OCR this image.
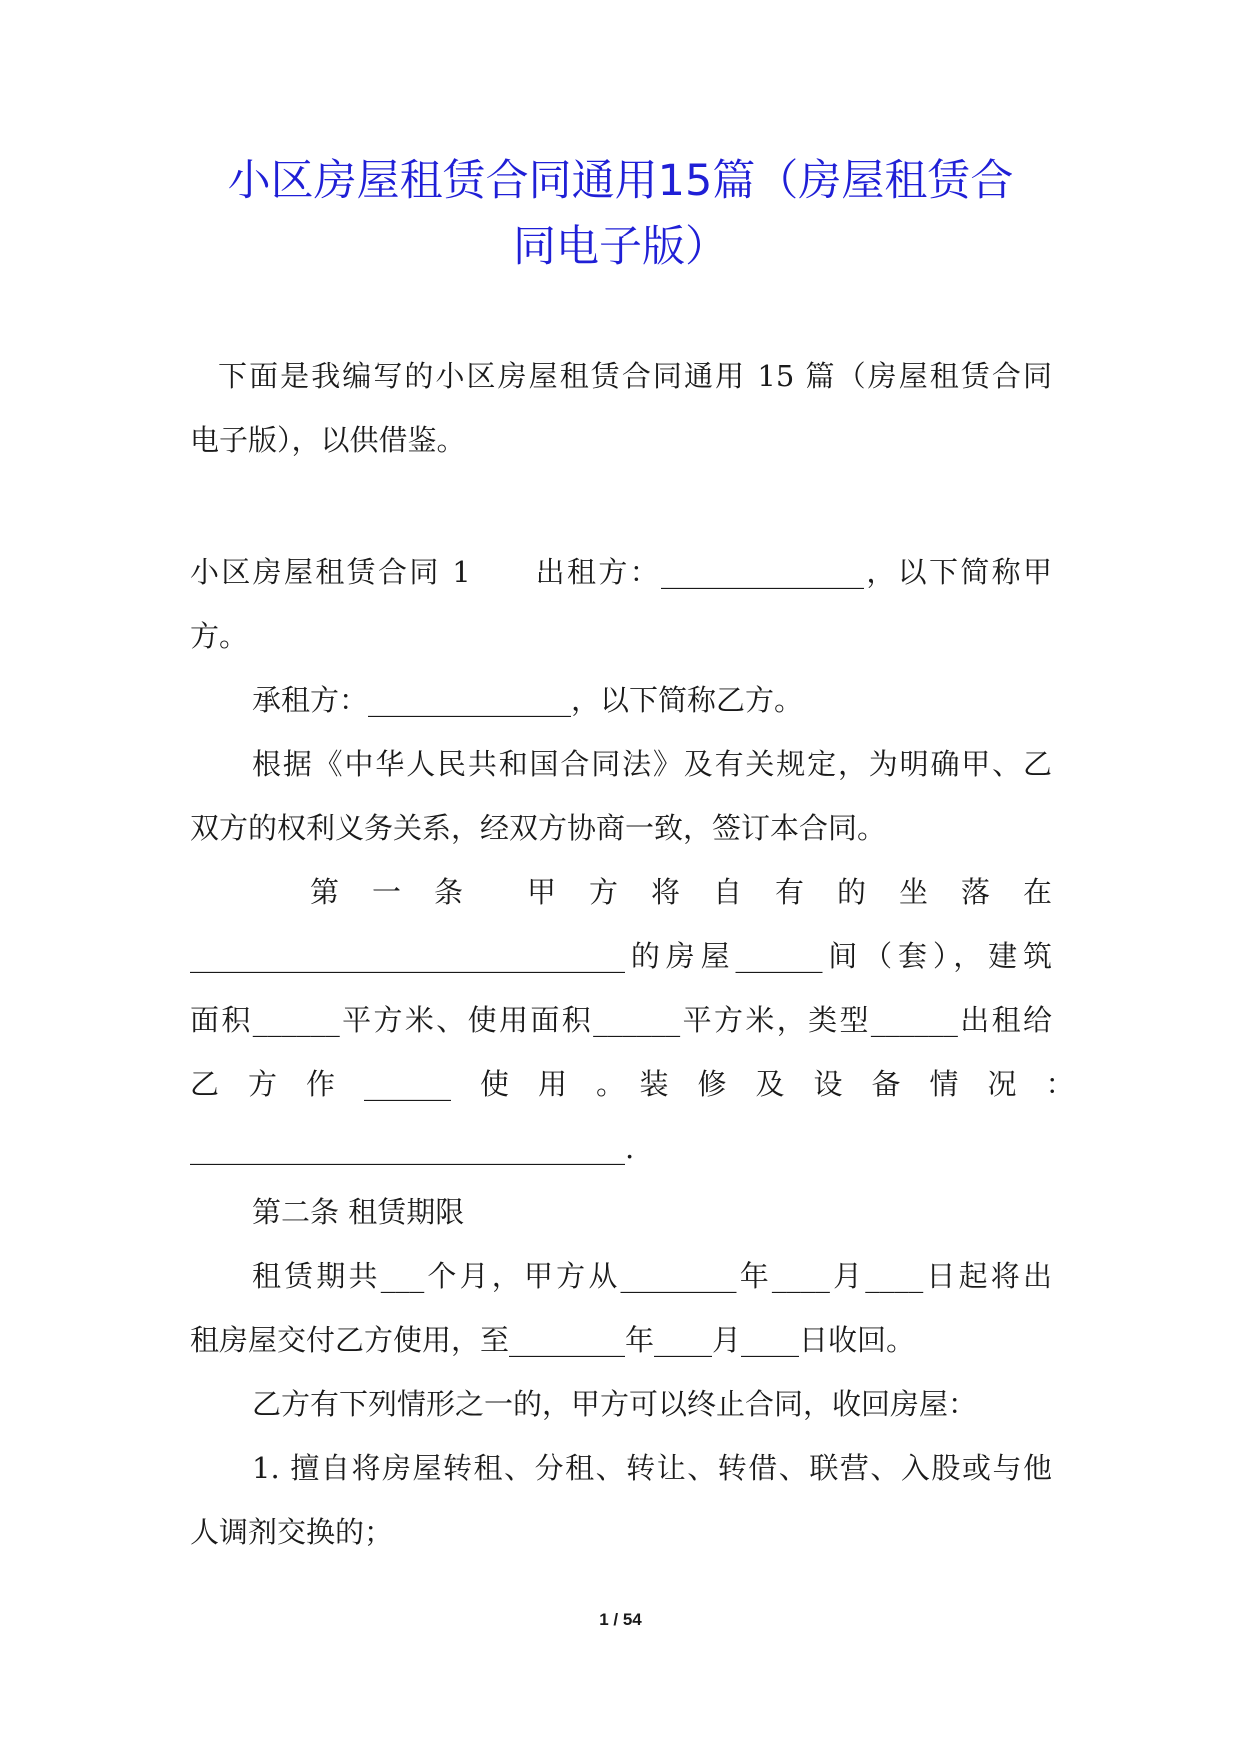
小区房屋租赁合同通用15篇（房屋租赁合
同电子版）
下面是我编写的小区房屋租赁合同通用 15 篇（房屋租赁合同
电子版），以供借鉴。
小区房屋租赁合同 1　　出租方：______________，以下简称甲
方。
承租方：______________，以下简称乙方。
根据《中华人民共和国合同法》及有关规定，为明确甲、乙
双方的权利义务关系，经双方协商一致，签订本合同。
第　一　条　　甲　方　将　自　有　的　坐　落　在
______________________________的房屋______间（套），建筑
面积______平方米、使用面积______平方米，类型______出租给
乙　方　作　______　使　用　。　装　修　及　设　备　情　况　：
______________________________.
第二条 租赁期限
租赁期共___个月，甲方从________年____月____日起将出
租房屋交付乙方使用，至________年____月____日收回。
乙方有下列情形之一的，甲方可以终止合同，收回房屋：
1. 擅自将房屋转租、分租、转让、转借、联营、入股或与他
人调剂交换的；
1 / 54
